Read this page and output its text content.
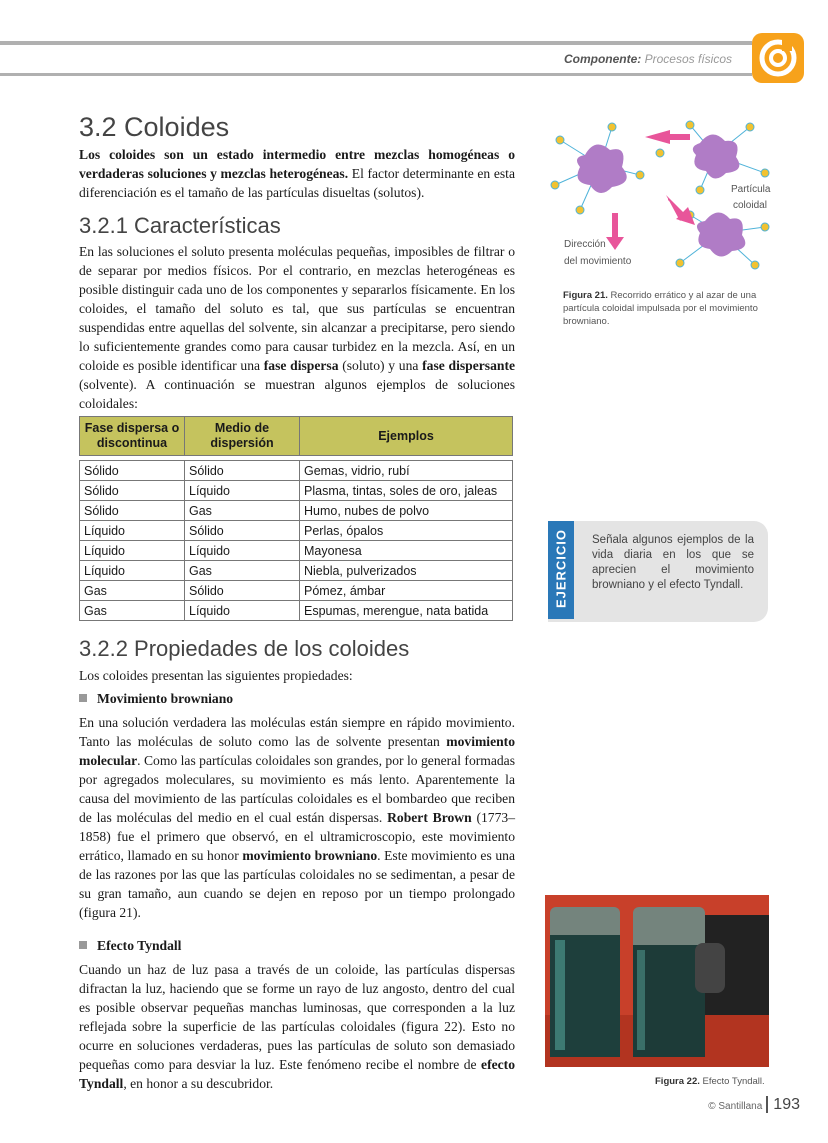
Componente: Procesos físicos
3.2 Coloides
Los coloides son un estado intermedio entre mezclas homogéneas o verdaderas soluciones y mezclas heterogéneas. El factor determinante en esta diferenciación es el tamaño de las partículas disueltas (solutos).
3.2.1 Características
En las soluciones el soluto presenta moléculas pequeñas, imposibles de filtrar o de separar por medios físicos. Por el contrario, en mezclas heterogéneas es posible distinguir cada uno de los componentes y separarlos físicamente. En los coloides, el tamaño del soluto es tal, que sus partículas se encuentran suspendidas entre aquellas del solvente, sin alcanzar a precipitarse, pero siendo lo suficientemente grandes como para causar turbidez en la mezcla. Así, en un coloide es posible identificar una fase dispersa (soluto) y una fase dispersante (solvente). A continuación se muestran algunos ejemplos de soluciones coloidales:
Fase dispersa o discontinua	Medio de dispersión	Ejemplos

Sólido	Sólido	Gemas, vidrio, rubí
Sólido	Líquido	Plasma, tintas, soles de oro, jaleas
Sólido	Gas	Humo, nubes de polvo
Líquido	Sólido	Perlas, ópalos
Líquido	Líquido	Mayonesa
Líquido	Gas	Niebla, pulverizados
Gas	Sólido	Pómez, ámbar
Gas	Líquido	Espumas, merengue, nata batida
3.2.2 Propiedades de los coloides
Los coloides presentan las siguientes propiedades:
Movimiento browniano
En una solución verdadera las moléculas están siempre en rápido movimiento. Tanto las moléculas de soluto como las de solvente presentan movimiento molecular. Como las partículas coloidales son grandes, por lo general formadas por agregados moleculares, su movimiento es más lento. Aparentemente la causa del movimiento de las partículas coloidales es el bombardeo que reciben de las moléculas del medio en el cual están dispersas. Robert Brown (1773–1858) fue el primero que observó, en el ultramicroscopio, este movimiento errático, llamado en su honor movimiento browniano. Este movimiento es una de las razones por las que las partículas coloidales no se sedimentan, a pesar de su gran tamaño, aun cuando se dejen en reposo por un tiempo prolongado (figura 21).
Efecto Tyndall
Cuando un haz de luz pasa a través de un coloide, las partículas dispersas difractan la luz, haciendo que se forme un rayo de luz angosto, dentro del cual es posible observar pequeñas manchas luminosas, que corresponden a la luz reflejada sobre la superficie de las partículas coloidales (figura 22). Esto no ocurre en soluciones verdaderas, pues las partículas de soluto son demasiado pequeñas como para desviar la luz. Este fenómeno recibe el nombre de efecto Tyndall, en honor a su descubridor.
Partícula
coloidal
Dirección
del movimiento
Figura 21. Recorrido errático y al azar de una partícula coloidal impulsada por el movimiento browniano.
EJERCICIO Señala algunos ejemplos de la vida diaria en los que se aprecien el movimiento browniano y el efecto Tyndall.
Figura 22. Efecto Tyndall.
© Santillana 193
